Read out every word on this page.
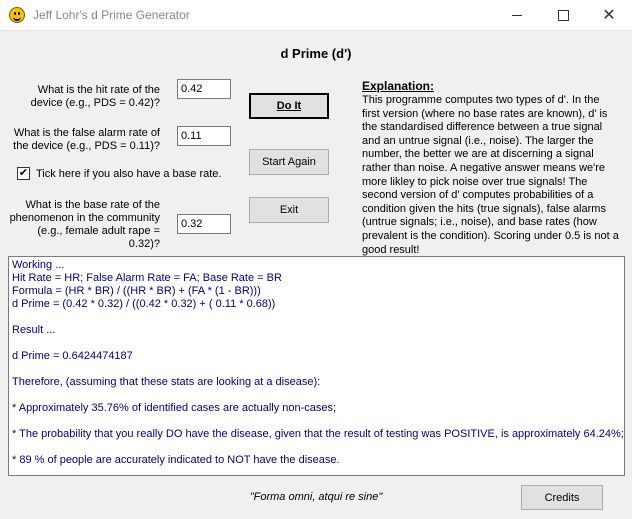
Jeff Lohr's d Prime Generator	✕
d Prime (d')
What is the hit rate of the
device (e.g., PDS = 0.42)?
0.42
What is the false alarm rate of
the device (e.g., PDS = 0.11)?
0.11
✔ Tick here if you also have a base rate.
What is the base rate of the
phenomenon in the community
(e.g., female adult rape = 0.32)?
0.32
Do It
Start Again
Exit
Explanation:
This programme computes two types of d'. In the first version (where no base rates are known), d' is the standardised difference between a true signal and an untrue signal (i.e., noise). The larger the number, the better we are at discerning a signal rather than noise. A negative answer means we're more likley to pick noise over true signals! The second version of d' computes probabilities of a condition given the hits (true signals), false alarms (untrue signals; i.e., noise), and base rates (how prevalent is the condition). Scoring under 0.5 is not a good result!
Working ...
Hit Rate = HR; False Alarm Rate = FA; Base Rate = BR
Formula = (HR * BR) / ((HR * BR) + (FA * (1 - BR)))
d Prime = (0.42 * 0.32) / ((0.42 * 0.32) + ( 0.11 * 0.68))
Result ...
d Prime = 0.6424474187
Therefore, (assuming that these stats are looking at a disease):
* Approximately 35.76% of identified cases are actually non-cases;
* The probability that you really DO have the disease, given that the result of testing was POSITIVE, is approximately 64.24%;
* 89 % of people are accurately indicated to NOT have the disease.
"Forma omni, atqui re sine"	Credits
